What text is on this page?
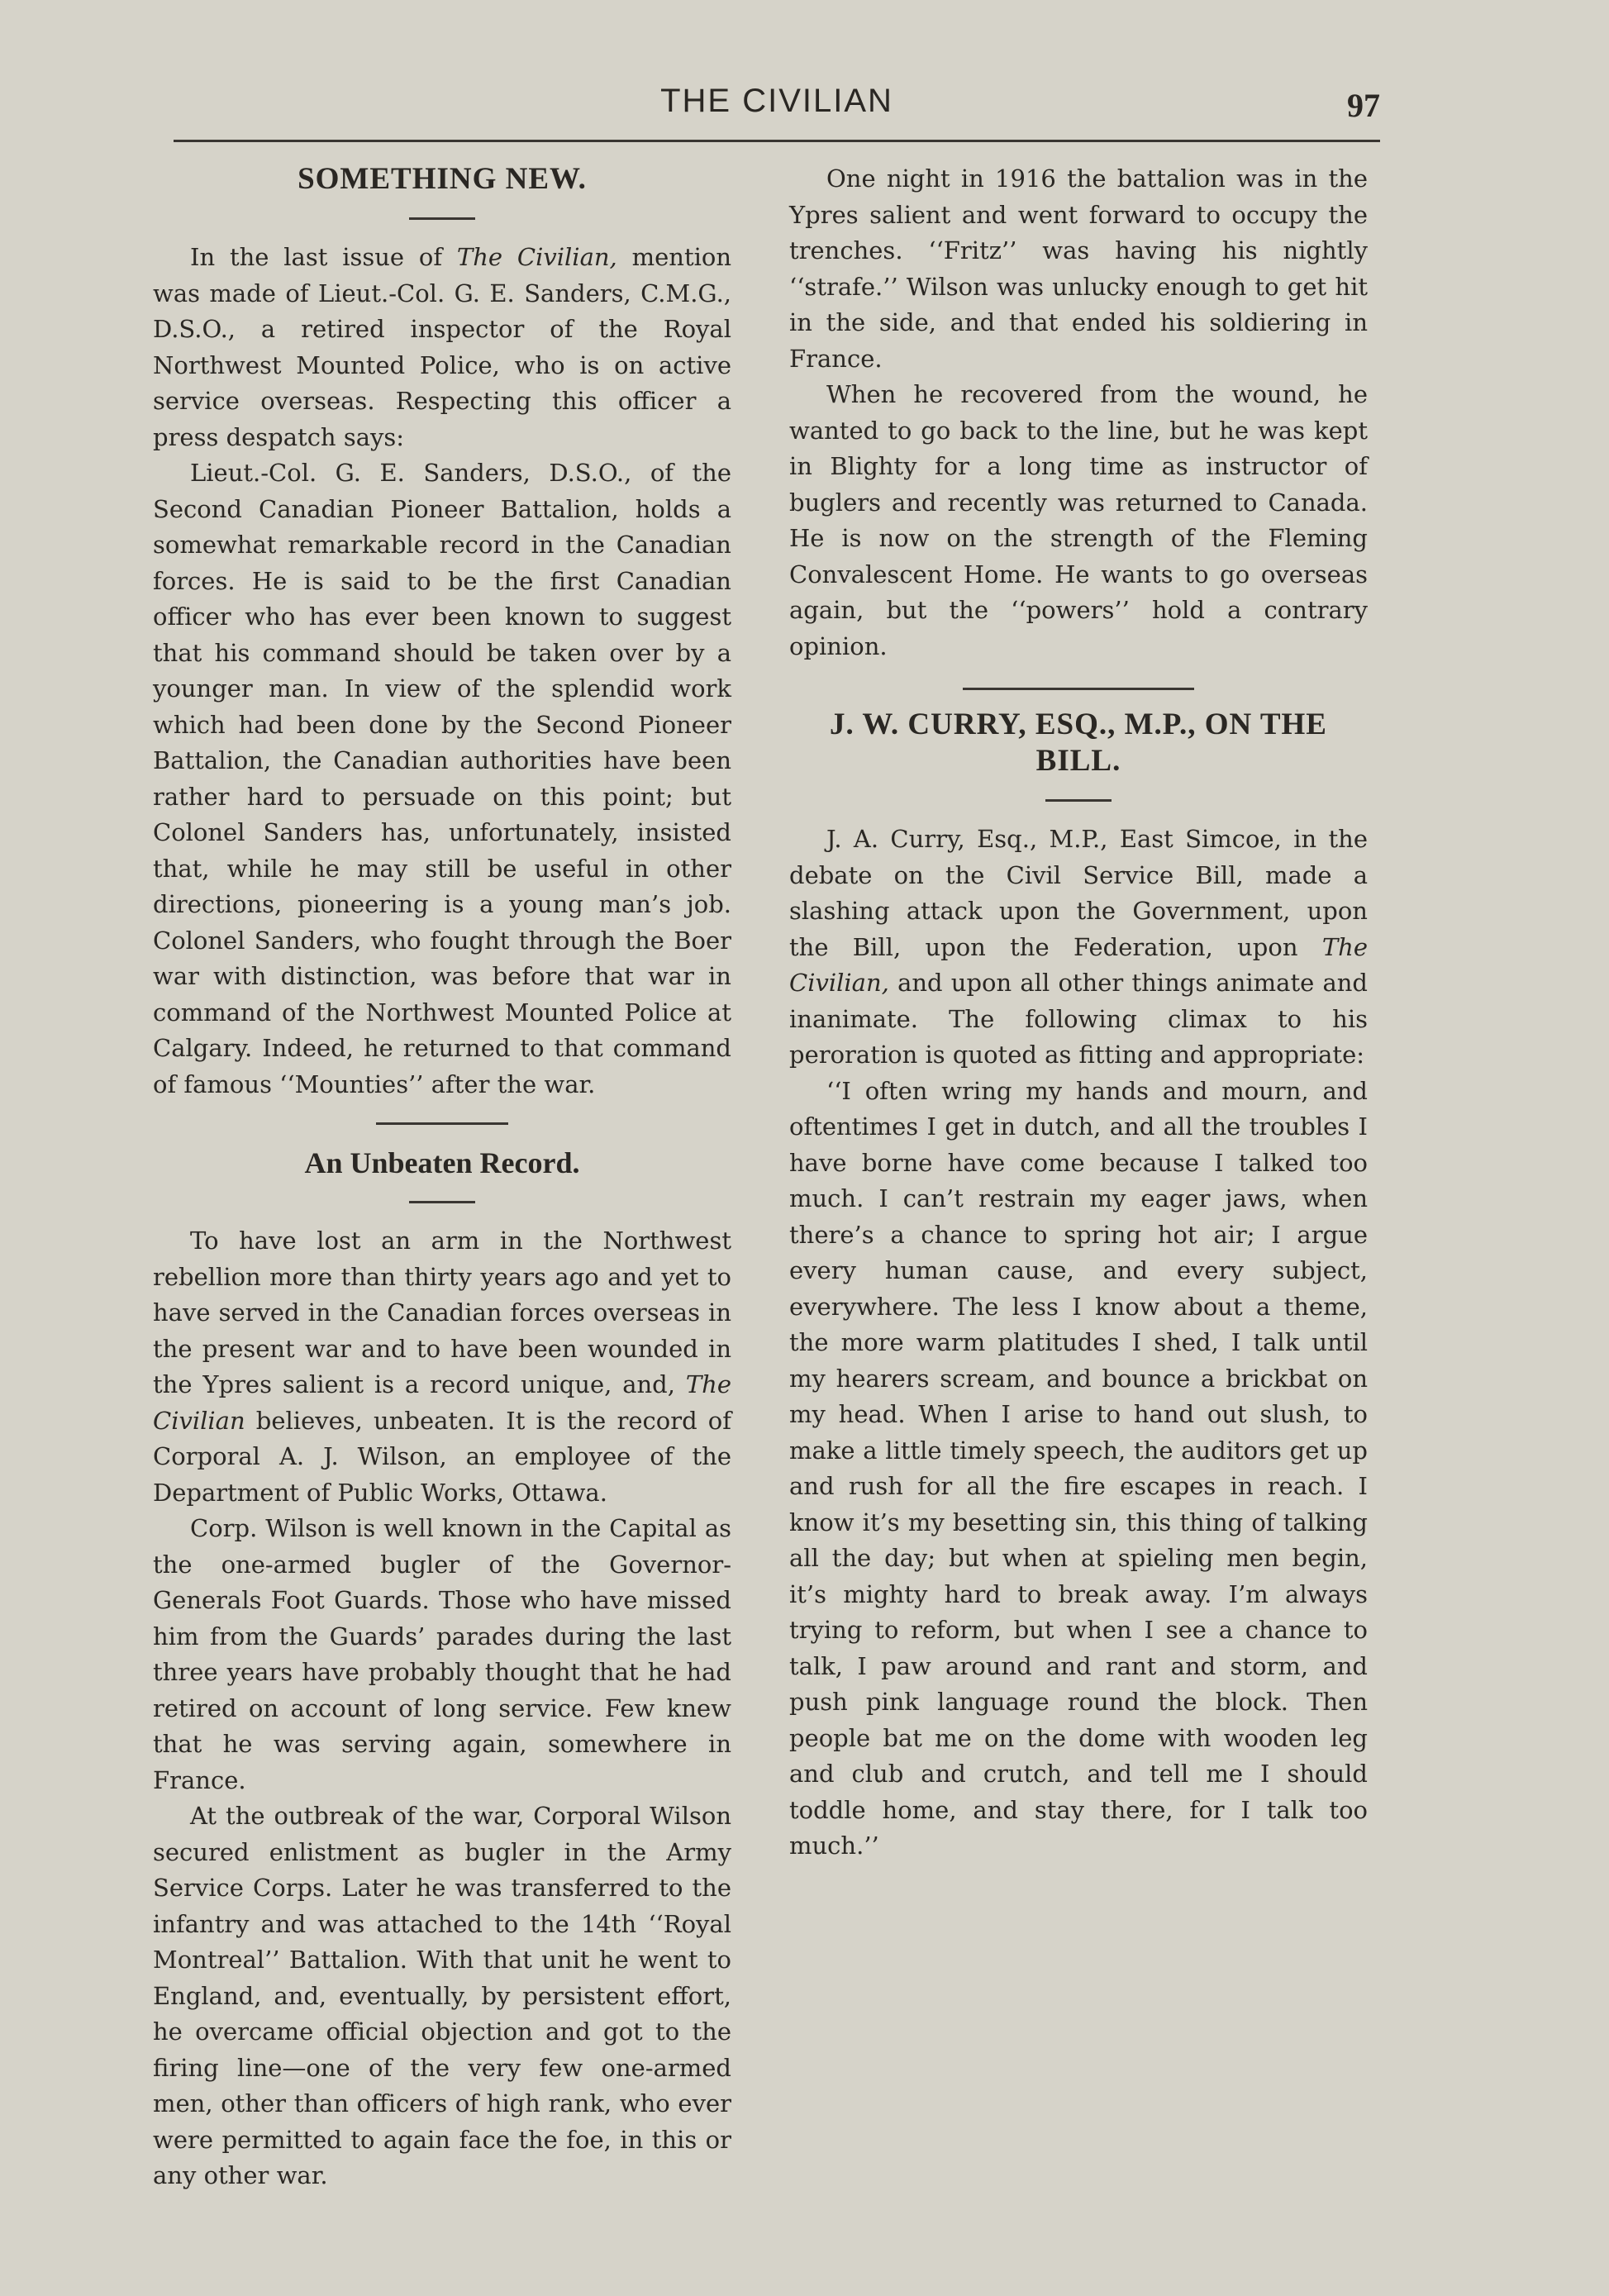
THE CIVILIAN	97
SOMETHING NEW.

In the last issue of The Civilian, mention was made of Lieut.-Col. G. E. Sanders, C.M.G., D.S.O., a retired inspector of the Royal Northwest Mounted Police, who is on active service overseas. Respecting this officer a press despatch says:

Lieut.-Col. G. E. Sanders, D.S.O., of the Second Canadian Pioneer Battalion, holds a somewhat remarkable record in the Canadian forces. He is said to be the first Canadian officer who has ever been known to suggest that his command should be taken over by a younger man. In view of the splendid work which had been done by the Second Pioneer Battalion, the Canadian authorities have been rather hard to persuade on this point; but Colonel Sanders has, unfortunately, insisted that, while he may still be useful in other directions, pioneering is a young man’s job. Colonel Sanders, who fought through the Boer war with distinction, was before that war in command of the Northwest Mounted Police at Calgary. Indeed, he returned to that command of famous ‘‘Mounties’’ after the war.

An Unbeaten Record.

To have lost an arm in the Northwest rebellion more than thirty years ago and yet to have served in the Canadian forces overseas in the present war and to have been wounded in the Ypres salient is a record unique, and, The Civilian believes, unbeaten. It is the record of Corporal A. J. Wilson, an employee of the Department of Public Works, Ottawa.

Corp. Wilson is well known in the Capital as the one-armed bugler of the Governor-Generals Foot Guards. Those who have missed him from the Guards’ parades during the last three years have probably thought that he had retired on account of long service. Few knew that he was serving again, somewhere in France.

At the outbreak of the war, Corporal Wilson secured enlistment as bugler in the Army Service Corps. Later he was transferred to the infantry and was attached to the 14th ‘‘Royal Montreal’’ Battalion. With that unit he went to England, and, eventually, by persistent effort, he overcame official objection and got to the firing line—one of the very few one-armed men, other than officers of high rank, who ever were permitted to again face the foe, in this or any other war.

One night in 1916 the battalion was in the Ypres salient and went forward to occupy the trenches. ‘‘Fritz’’ was having his nightly ‘‘strafe.’’ Wilson was unlucky enough to get hit in the side, and that ended his soldiering in France.

When he recovered from the wound, he wanted to go back to the line, but he was kept in Blighty for a long time as instructor of buglers and recently was returned to Canada. He is now on the strength of the Fleming Convalescent Home. He wants to go overseas again, but the ‘‘powers’’ hold a contrary opinion.

J. W. CURRY, ESQ., M.P., ON THE BILL.

J. A. Curry, Esq., M.P., East Simcoe, in the debate on the Civil Service Bill, made a slashing attack upon the Government, upon the Bill, upon the Federation, upon The Civilian, and upon all other things animate and inanimate. The following climax to his peroration is quoted as fitting and appropriate:

‘‘I often wring my hands and mourn, and oftentimes I get in dutch, and all the troubles I have borne have come because I talked too much. I can’t restrain my eager jaws, when there’s a chance to spring hot air; I argue every human cause, and every subject, everywhere. The less I know about a theme, the more warm platitudes I shed, I talk until my hearers scream, and bounce a brickbat on my head. When I arise to hand out slush, to make a little timely speech, the auditors get up and rush for all the fire escapes in reach. I know it’s my besetting sin, this thing of talking all the day; but when at spieling men begin, it’s mighty hard to break away. I’m always trying to reform, but when I see a chance to talk, I paw around and rant and storm, and push pink language round the block. Then people bat me on the dome with wooden leg and club and crutch, and tell me I should toddle home, and stay there, for I talk too much.’’
